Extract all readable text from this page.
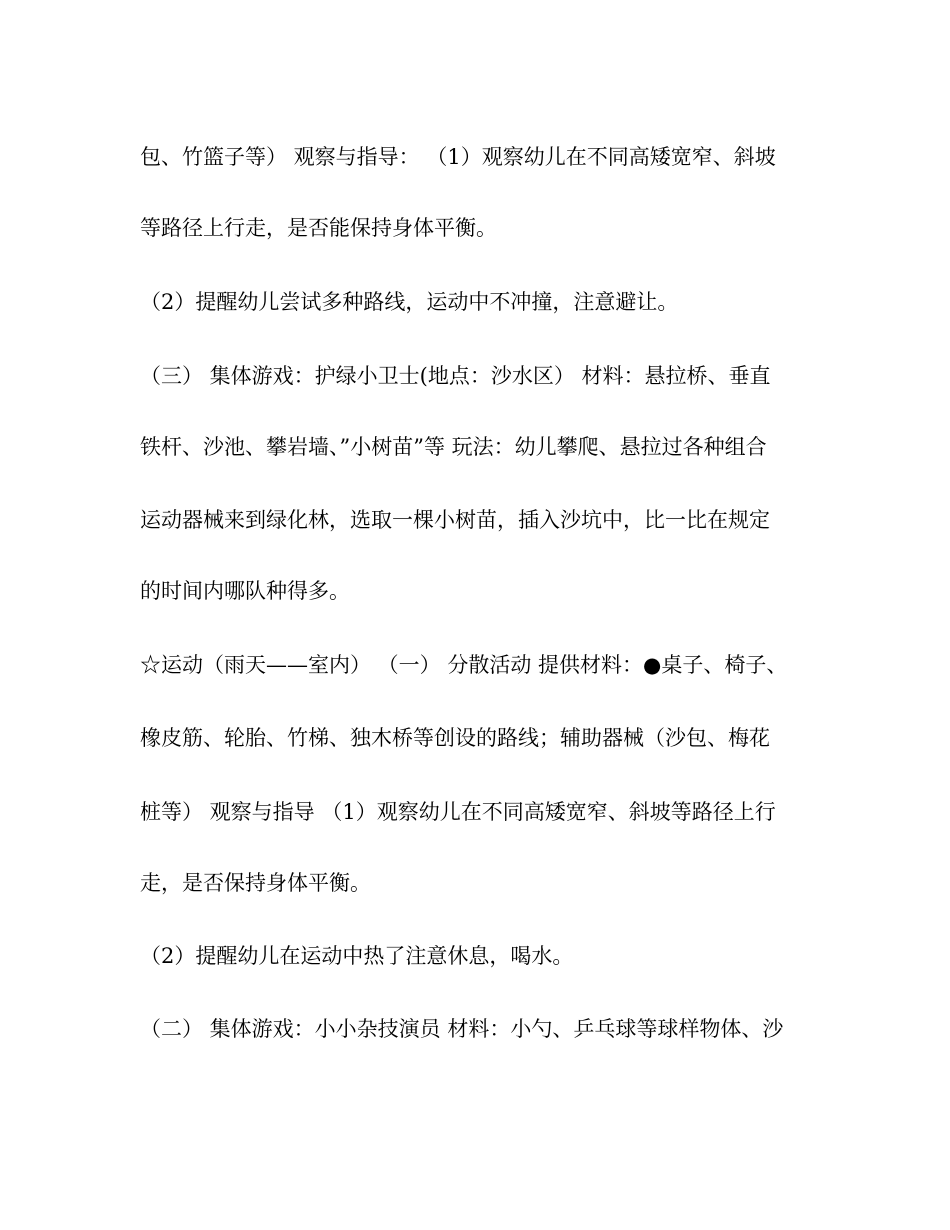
包、竹篮子等） 观察与指导： （1）观察幼儿在不同高矮宽窄、斜坡
等路径上行走，是否能保持身体平衡。
（2）提醒幼儿尝试多种路线，运动中不冲撞，注意避让。
（三） 集体游戏：护绿小卫士(地点：沙水区） 材料：悬拉桥、垂直
铁杆、沙池、攀岩墙、”小树苗”等 玩法：幼儿攀爬、悬拉过各种组合
运动器械来到绿化林，选取一棵小树苗，插入沙坑中，比一比在规定
的时间内哪队种得多。
☆运动（雨天——室内） （一） 分散活动 提供材料：●桌子、椅子、
橡皮筋、轮胎、竹梯、独木桥等创设的路线；辅助器械（沙包、梅花
桩等） 观察与指导 （1）观察幼儿在不同高矮宽窄、斜坡等路径上行
走，是否保持身体平衡。
（2）提醒幼儿在运动中热了注意休息，喝水。
（二） 集体游戏：小小杂技演员 材料：小勺、乒乓球等球样物体、沙
